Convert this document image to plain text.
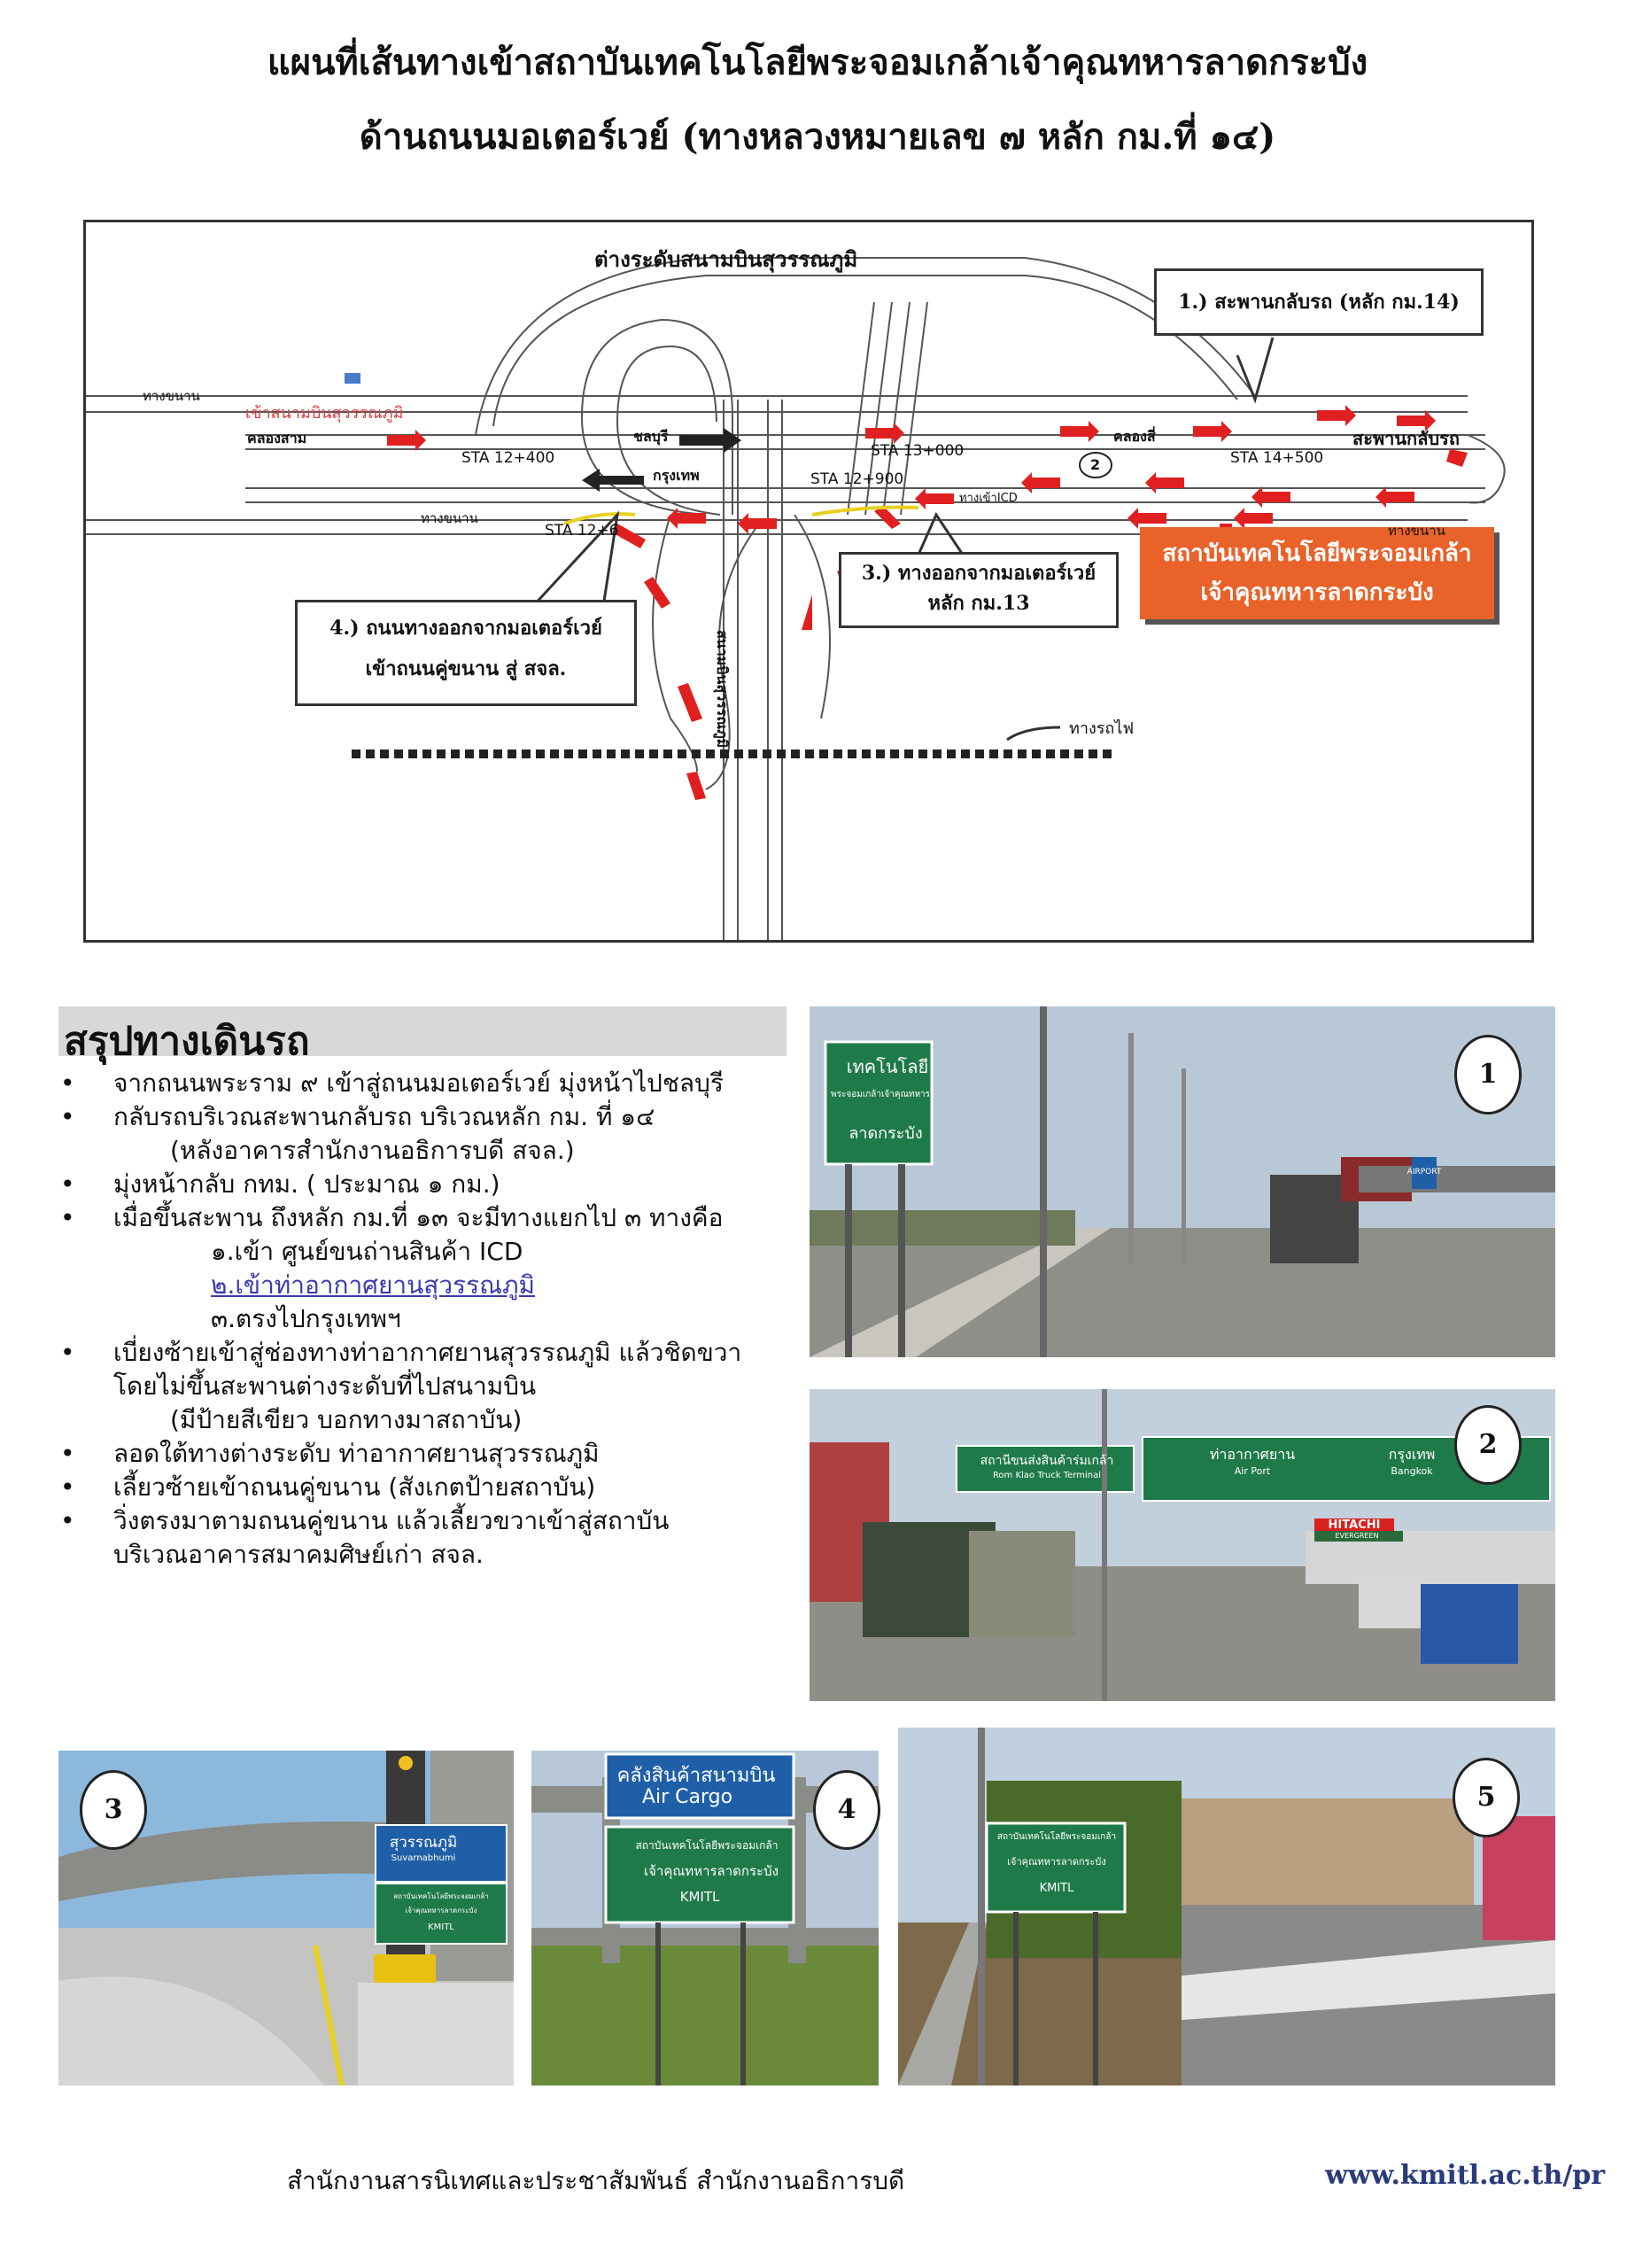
แผนที่เส้นทางเข้าสถาบันเทคโนโลยีพระจอมเกล้าเจ้าคุณทหารลาดกระบัง
ด้านถนนมอเตอร์เวย์ (ทางหลวงหมายเลข ๗ หลัก กม.ที่ ๑๔)
ต่างระดับสนามบินสุวรรณภูมิ
1.) สะพานกลับรถ (หลัก กม.14)
3.) ทางออกจากมอเตอร์เวย์
หลัก กม.13
4.) ถนนทางออกจากมอเตอร์เวย์
เข้าถนนคู่ขนาน สู่ สจล.
สถาบันเทคโนโลยีพระจอมเกล้า
เจ้าคุณทหารลาดกระบัง
ทางขนาน
ทางขนาน
ทางขนาน
เข้าสนามบินสุวรรณภูมิ
คลองสาม	คลองสี่
ชลบุรี
กรุงเทพ
STA 12+400
STA 12+900
STA 13+000	STA 14+500
STA 12+6
สะพานกลับรถ
ทางเข้าICD
ทางรถไฟ
สนามบินสุวรรณภูมิ
2
สรุปทางเดินรถ
• จากถนนพระราม ๙ เข้าสู่ถนนมอเตอร์เวย์ มุ่งหน้าไปชลบุรี
• กลับรถบริเวณสะพานกลับรถ บริเวณหลัก กม. ที่ ๑๔
(หลังอาคารสำนักงานอธิการบดี สจล.)
• มุ่งหน้ากลับ กทม. ( ประมาณ ๑ กม.)
• เมื่อขึ้นสะพาน ถึงหลัก กม.ที่ ๑๓ จะมีทางแยกไป ๓ ทางคือ
๑.เข้า ศูนย์ขนถ่านสินค้า ICD
๒.เข้าท่าอากาศยานสุวรรณภูมิ
๓.ตรงไปกรุงเทพฯ
• เบี่ยงซ้ายเข้าสู่ช่องทางท่าอากาศยานสุวรรณภูมิ แล้วชิดขวา
โดยไม่ขึ้นสะพานต่างระดับที่ไปสนามบิน
(มีป้ายสีเขียว บอกทางมาสถาบัน)
• ลอดใต้ทางต่างระดับ ท่าอากาศยานสุวรรณภูมิ
• เลี้ยวซ้ายเข้าถนนคู่ขนาน (สังเกตป้ายสถาบัน)
• วิ่งตรงมาตามถนนคู่ขนาน แล้วเลี้ยวขวาเข้าสู่สถาบัน
บริเวณอาคารสมาคมศิษย์เก่า สจล.
เทคโนโลยี
พระจอมเกล้าเจ้าคุณทหาร
ลาดกระบัง
AIRPORT
1
สถานีขนส่งสินค้าร่มเกล้า
Rom Klao Truck Terminal
ท่าอากาศยาน
Air Port
กรุงเทพ
Bangkok
HITACHI
EVERGREEN
2
สุวรรณภูมิ
Suvarnabhumi
สถาบันเทคโนโลยีพระจอมเกล้า
เจ้าคุณทหารลาดกระบัง
KMITL
3
คลังสินค้าสนามบิน
Air Cargo
สถาบันเทคโนโลยีพระจอมเกล้า
เจ้าคุณทหารลาดกระบัง
KMITL
4
สถาบันเทคโนโลยีพระจอมเกล้า
เจ้าคุณทหารลาดกระบัง
KMITL
5
สำนักงานสารนิเทศและประชาสัมพันธ์ สำนักงานอธิการบดี	www.kmitl.ac.th/pr
